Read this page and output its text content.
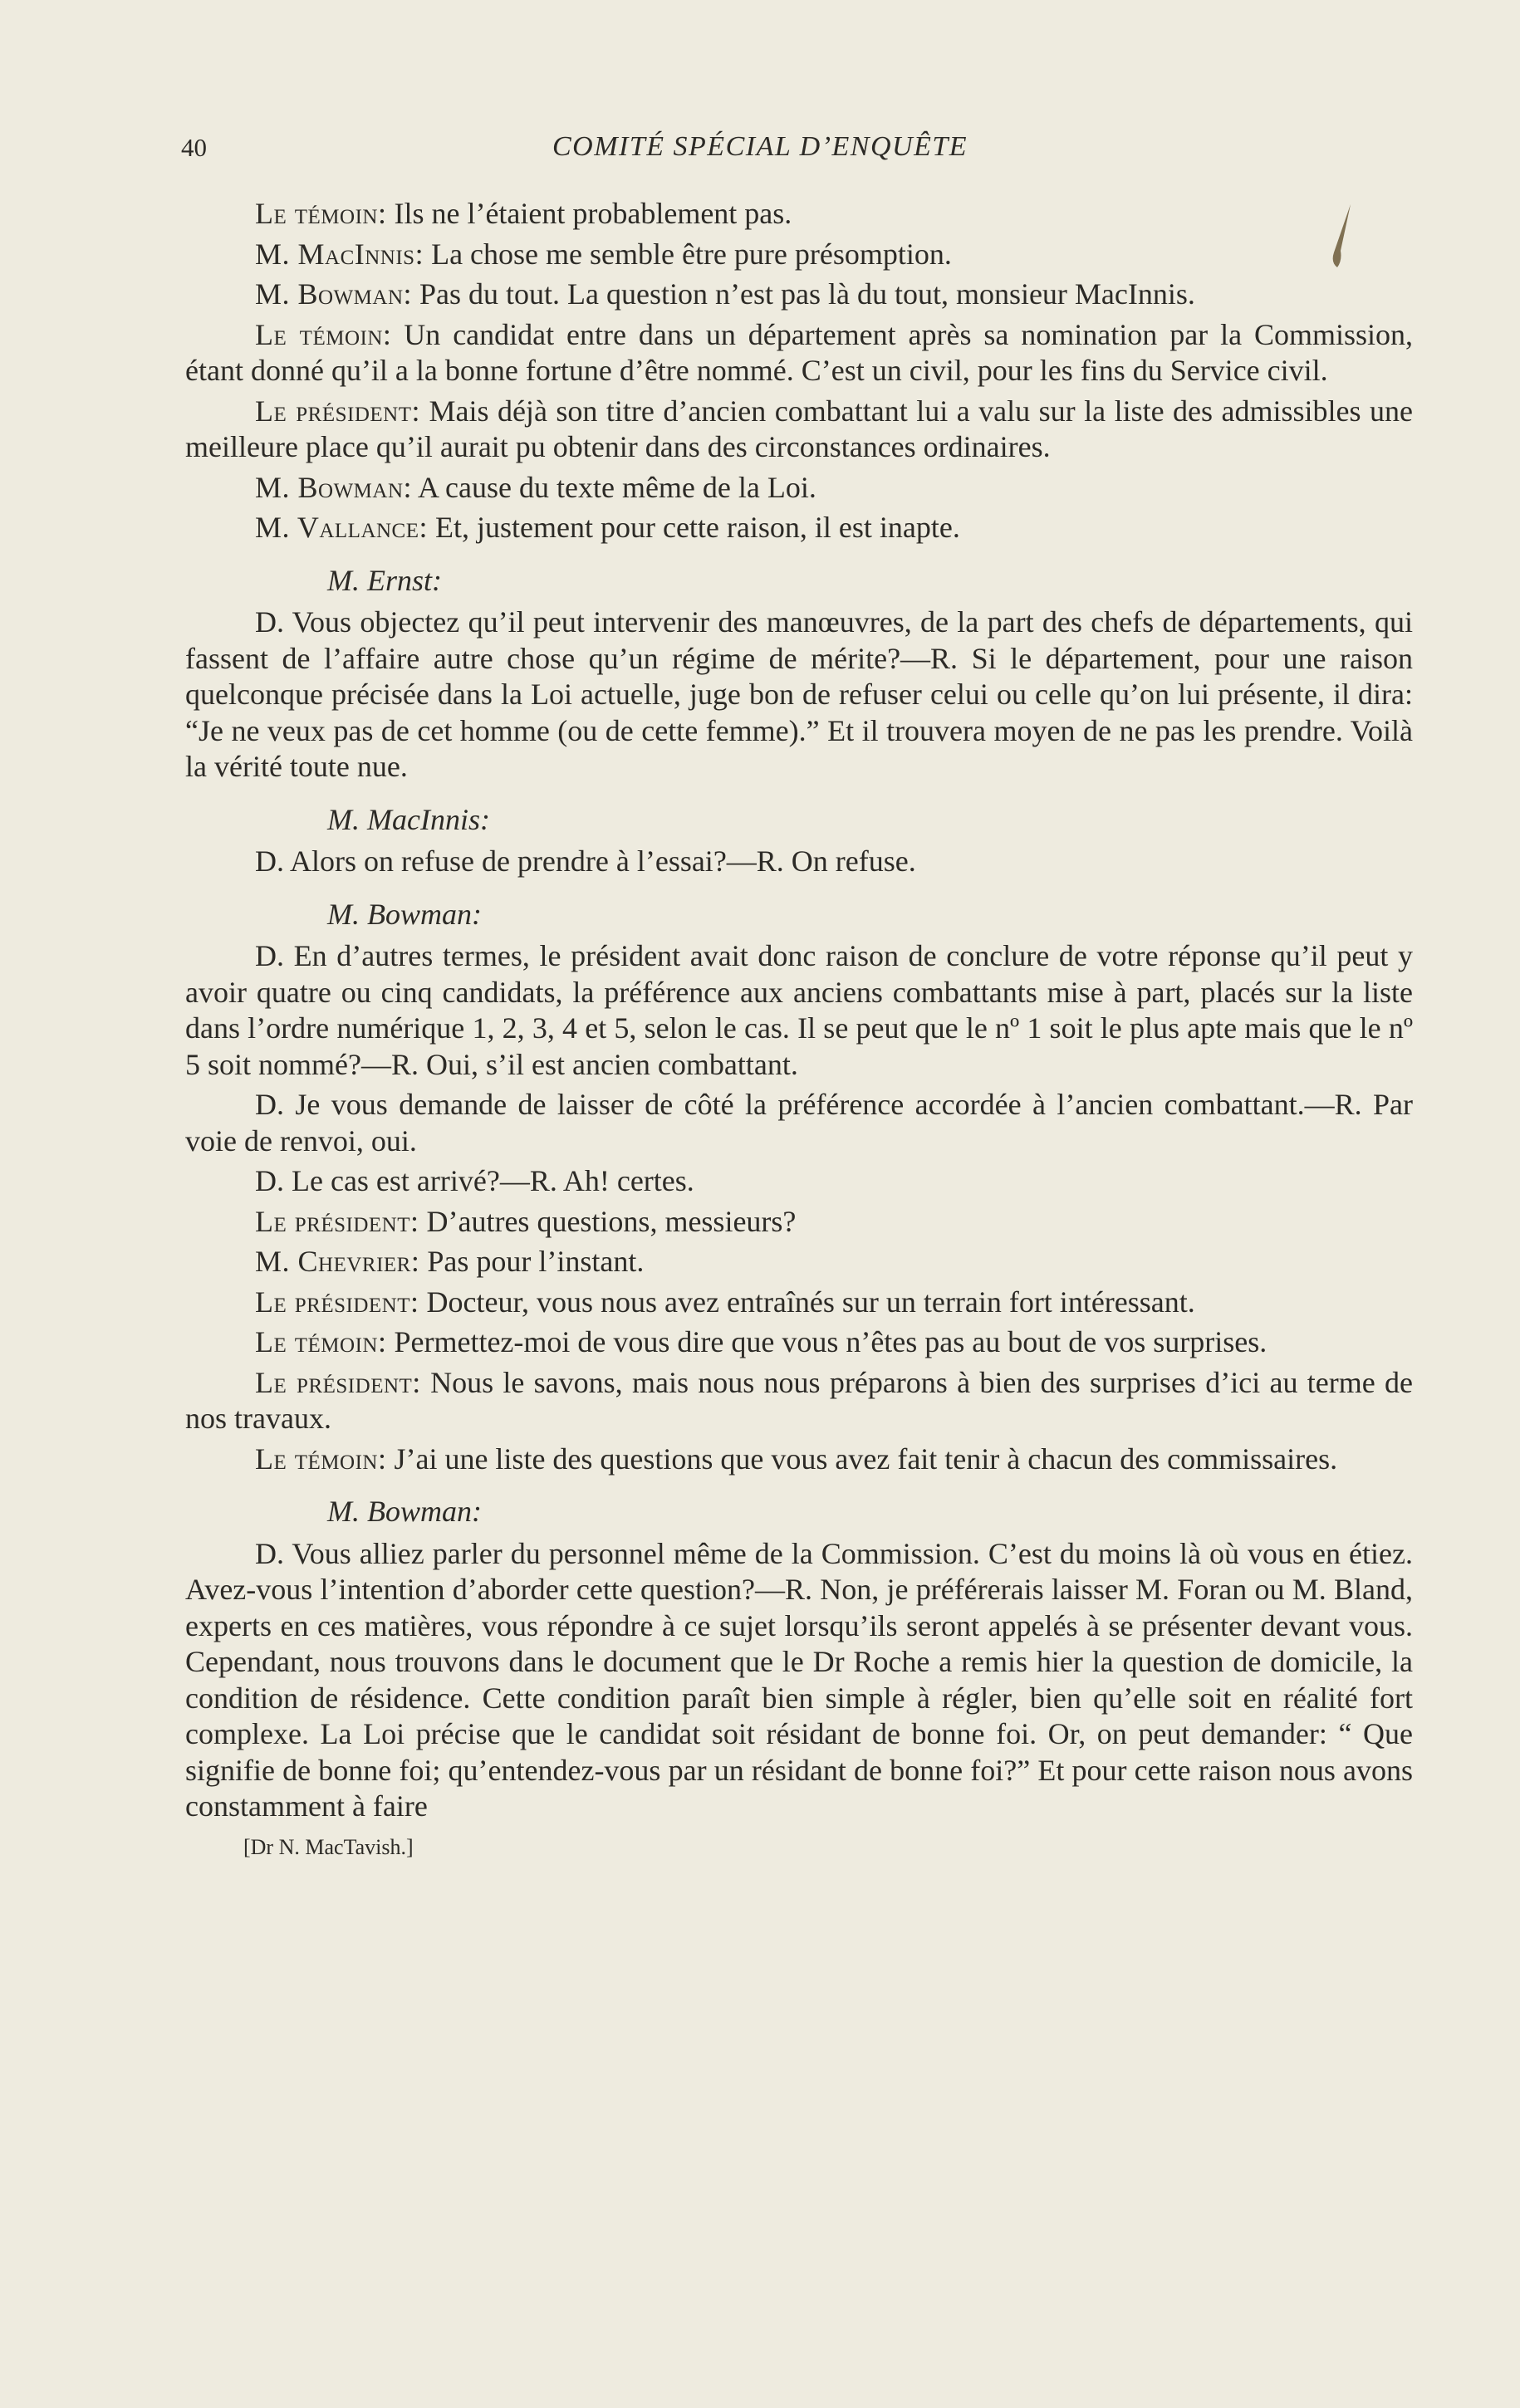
40	COMITÉ SPÉCIAL D’ENQUÊTE

Le témoin: Ils ne l’étaient probablement pas.

M. MacInnis: La chose me semble être pure présomption.

M. Bowman: Pas du tout. La question n’est pas là du tout, monsieur MacInnis.

Le témoin: Un candidat entre dans un département après sa nomination par la Commission, étant donné qu’il a la bonne fortune d’être nommé. C’est un civil, pour les fins du Service civil.

Le président: Mais déjà son titre d’ancien combattant lui a valu sur la liste des admissibles une meilleure place qu’il aurait pu obtenir dans des circonstances ordinaires.

M. Bowman: A cause du texte même de la Loi.

M. Vallance: Et, justement pour cette raison, il est inapte.

M. Ernst:

D. Vous objectez qu’il peut intervenir des manœuvres, de la part des chefs de départements, qui fassent de l’affaire autre chose qu’un régime de mérite?—R. Si le département, pour une raison quelconque précisée dans la Loi actuelle, juge bon de refuser celui ou celle qu’on lui présente, il dira: “Je ne veux pas de cet homme (ou de cette femme).” Et il trouvera moyen de ne pas les prendre. Voilà la vérité toute nue.

M. MacInnis:

D. Alors on refuse de prendre à l’essai?—R. On refuse.

M. Bowman:

D. En d’autres termes, le président avait donc raison de conclure de votre réponse qu’il peut y avoir quatre ou cinq candidats, la préférence aux anciens combattants mise à part, placés sur la liste dans l’ordre numérique 1, 2, 3, 4 et 5, selon le cas. Il se peut que le nº 1 soit le plus apte mais que le nº 5 soit nommé?—R. Oui, s’il est ancien combattant.

D. Je vous demande de laisser de côté la préférence accordée à l’ancien combattant.—R. Par voie de renvoi, oui.

D. Le cas est arrivé?—R. Ah! certes.

Le président: D’autres questions, messieurs?

M. Chevrier: Pas pour l’instant.

Le président: Docteur, vous nous avez entraînés sur un terrain fort intéressant.

Le témoin: Permettez-moi de vous dire que vous n’êtes pas au bout de vos surprises.

Le président: Nous le savons, mais nous nous préparons à bien des surprises d’ici au terme de nos travaux.

Le témoin: J’ai une liste des questions que vous avez fait tenir à chacun des commissaires.

M. Bowman:

D. Vous alliez parler du personnel même de la Commission. C’est du moins là où vous en étiez. Avez-vous l’intention d’aborder cette question?—R. Non, je préférerais laisser M. Foran ou M. Bland, experts en ces matières, vous répondre à ce sujet lorsqu’ils seront appelés à se présenter devant vous. Cependant, nous trouvons dans le document que le Dr Roche a remis hier la question de domicile, la condition de résidence. Cette condition paraît bien simple à régler, bien qu’elle soit en réalité fort complexe. La Loi précise que le candidat soit résidant de bonne foi. Or, on peut demander: “ Que signifie de bonne foi; qu’entendez-vous par un résidant de bonne foi?” Et pour cette raison nous avons constamment à faire

[Dr N. MacTavish.]
